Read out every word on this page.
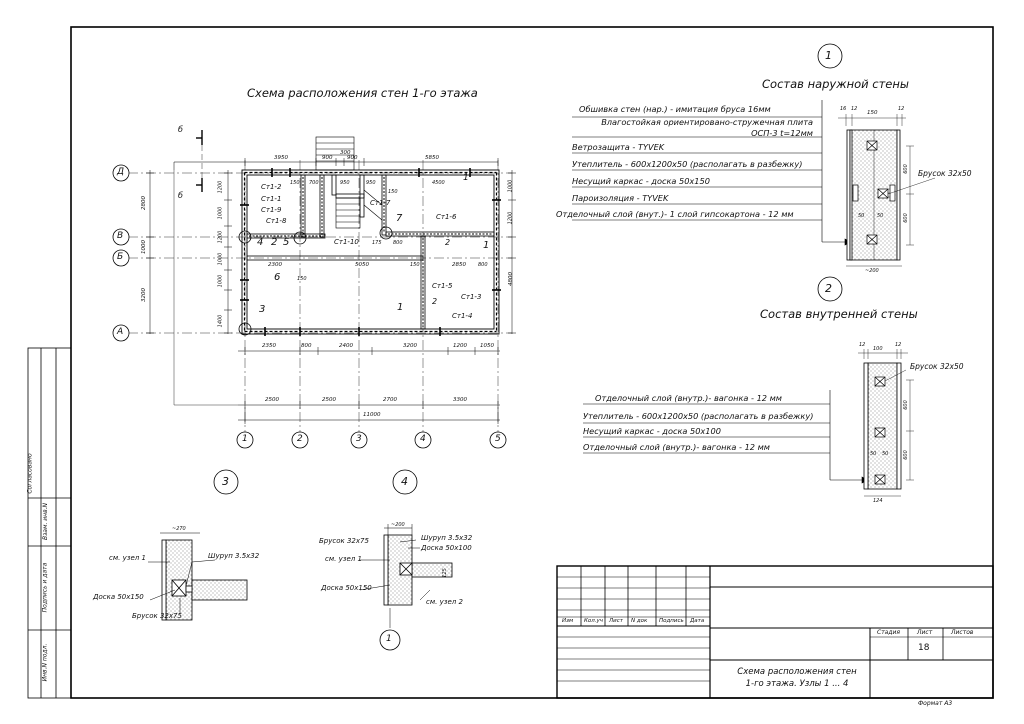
Схема расположения стен 1-го этажа
б
б
Д
В
Б
А
1	2	3	4	5
3950	900
300
900	5850
150 700	950	950
150
4500
175 800
2300	5050	150	2850
150
Ст1-2
Ст1-1
Ст1-9
Ст1-8
Ст1-10
Ст1-7
Ст1-6
Ст1-5
Ст1-3
Ст1-4
1
1
1
2
2
2
3
4 5
6
7
2800
1000
3200
1200
1000
1200
1000
1000
1400
1000
1200
800
4800
2350	800	2400	3200	1200 1050
2500	2500	2700	3300
11000
1
Состав наружной стены
Обшивка стен (нар.) - имитация бруса 16мм
Влагостойкая ориентировано-стружечная плита ОСП-3 t=12мм
Ветрозащита - TYVEK
Утеплитель - 600х1200х50 (располагать в разбежку)
Несущий каркас - доска 50х150
Пароизоляция - TYVEK
Отделочный слой (внут.)- 1 слой гипсокартона - 12 мм
Брусок 32х50
16 12
150
12
600
600
50	50
~200
2
Состав внутренней стены
Отделочный слой (внутр.)- вагонка - 12 мм
Утеплитель - 600х1200х50 (располагать в разбежку)
Несущий каркас - доска 50х100
Отделочный слой (внутр.)- вагонка - 12 мм
Брусок 32х50
12
100
12
600
600
50 50
124
3
см. узел 1	Шуруп 3.5х32
Доска 50х150
Брусок 32х75
~270
4
Брусок 32х75	Шуруп 3.5х32
Доска 50х100
см. узел 1
Доска 50х150
см. узел 2
~200
125
1
Согласовано
Взам. инв.N
Подпись и дата
Инв.N подл.
Изм Кол.уч Лист N док Подпись Дата
Стадия	Лист	Листов
18
Схема расположения стен 1-го этажа. Узлы 1 ... 4
Формат А3
